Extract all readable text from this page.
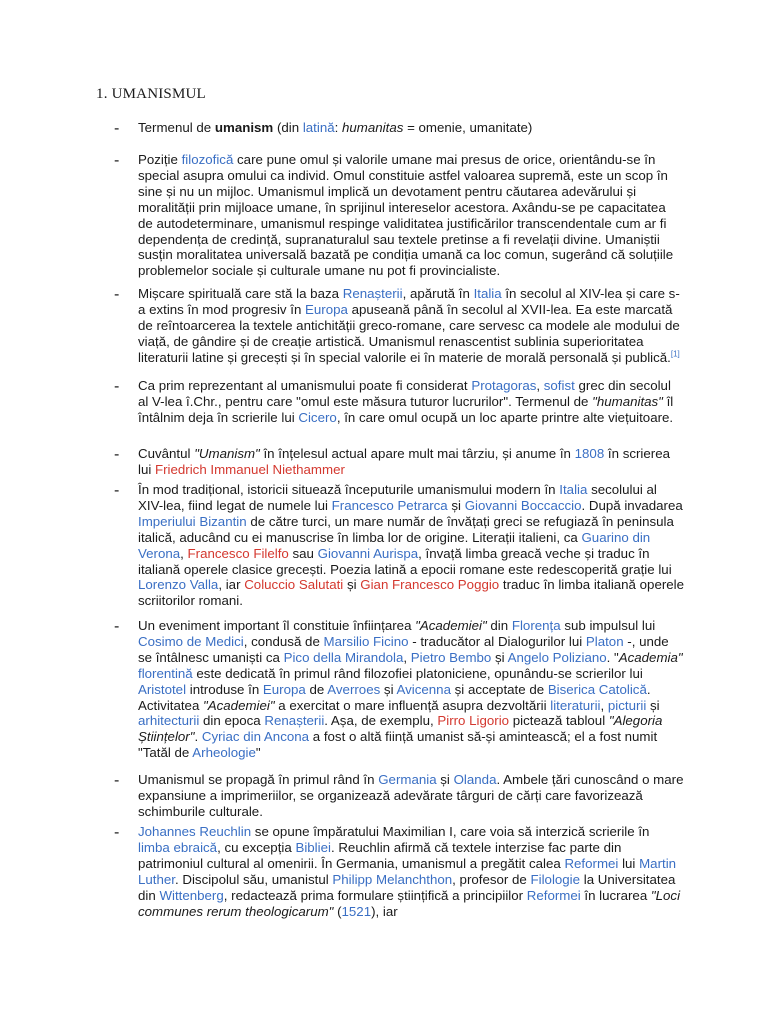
1. UMANISMUL
-	Termenul de umanism (din latină: humanitas = omenie, umanitate)
-	Poziție filozofică care pune omul și valorile umane mai presus de orice, orientându-se în special asupra omului ca individ. Omul constituie astfel valoarea supremă, este un scop în sine și nu un mijloc. Umanismul implică un devotament pentru căutarea adevărului și moralității prin mijloace umane, în sprijinul intereselor acestora. Axându-se pe capacitatea de autodeterminare, umanismul respinge validitatea justificărilor transcendentale cum ar fi dependența de credință, supranaturalul sau textele pretinse a fi revelații divine. Umaniștii susțin moralitatea universală bazată pe condiția umană ca loc comun, sugerând că soluțiile problemelor sociale și culturale umane nu pot fi provincialiste.
-	Mișcare spirituală care stă la baza Renașterii, apărută în Italia în secolul al XIV-lea și care s-a extins în mod progresiv în Europa apuseană până în secolul al XVII-lea. Ea este marcată de reîntoarcerea la textele antichității greco-romane, care servesc ca modele ale modului de viață, de gândire și de creație artistică. Umanismul renascentist sublinia superioritatea literaturii latine și grecești și în special valorile ei în materie de morală personală și publică.[1]
-	Ca prim reprezentant al umanismului poate fi considerat Protagoras, sofist grec din secolul al V-lea î.Chr., pentru care "omul este măsura tuturor lucrurilor". Termenul de "humanitas" îl întâlnim deja în scrierile lui Cicero, în care omul ocupă un loc aparte printre alte viețuitoare.
-	Cuvântul "Umanism" în înțelesul actual apare mult mai târziu, și anume în 1808 în scrierea lui Friedrich Immanuel Niethammer
-	În mod tradițional, istoricii situează începuturile umanismului modern în Italia secolului al XIV-lea, fiind legat de numele lui Francesco Petrarca și Giovanni Boccaccio. După invadarea Imperiului Bizantin de către turci, un mare număr de învățați greci se refugiază în peninsula italică, aducând cu ei manuscrise în limba lor de origine. Literații italieni, ca Guarino din Verona, Francesco Filelfo sau Giovanni Aurispa, învață limba greacă veche și traduc în italiană operele clasice grecești. Poezia latină a epocii romane este redescoperită grație lui Lorenzo Valla, iar Coluccio Salutati și Gian Francesco Poggio traduc în limba italiană operele scriitorilor romani.
-	Un eveniment important îl constituie înființarea "Academiei" din Florența sub impulsul lui Cosimo de Medici, condusă de Marsilio Ficino - traducător al Dialogurilor lui Platon -, unde se întâlnesc umaniști ca Pico della Mirandola, Pietro Bembo și Angelo Poliziano. "Academia" florentină este dedicată în primul rând filozofiei platoniciene, opunându-se scrierilor lui Aristotel introduse în Europa de Averroes și Avicenna și acceptate de Biserica Catolică. Activitatea "Academiei" a exercitat o mare influență asupra dezvoltării literaturii, picturii și arhitecturii din epoca Renașterii. Așa, de exemplu, Pirro Ligorio pictează tabloul "Alegoria Științelor". Cyriac din Ancona a fost o altă ființă umanist să-și amintească; el a fost numit "Tatăl de Arheologie"
-	Umanismul se propagă în primul rând în Germania și Olanda. Ambele țări cunoscând o mare expansiune a imprimeriilor, se organizează adevărate târguri de cărți care favorizează schimburile culturale.
-	Johannes Reuchlin se opune împăratului Maximilian I, care voia să interzică scrierile în limba ebraică, cu excepția Bibliei. Reuchlin afirmă că textele interzise fac parte din patrimoniul cultural al omenirii. În Germania, umanismul a pregătit calea Reformei lui Martin Luther. Discipolul său, umanistul Philipp Melanchthon, profesor de Filologie la Universitatea din Wittenberg, redactează prima formulare științifică a principiilor Reformei în lucrarea "Loci communes rerum theologicarum" (1521), iar
